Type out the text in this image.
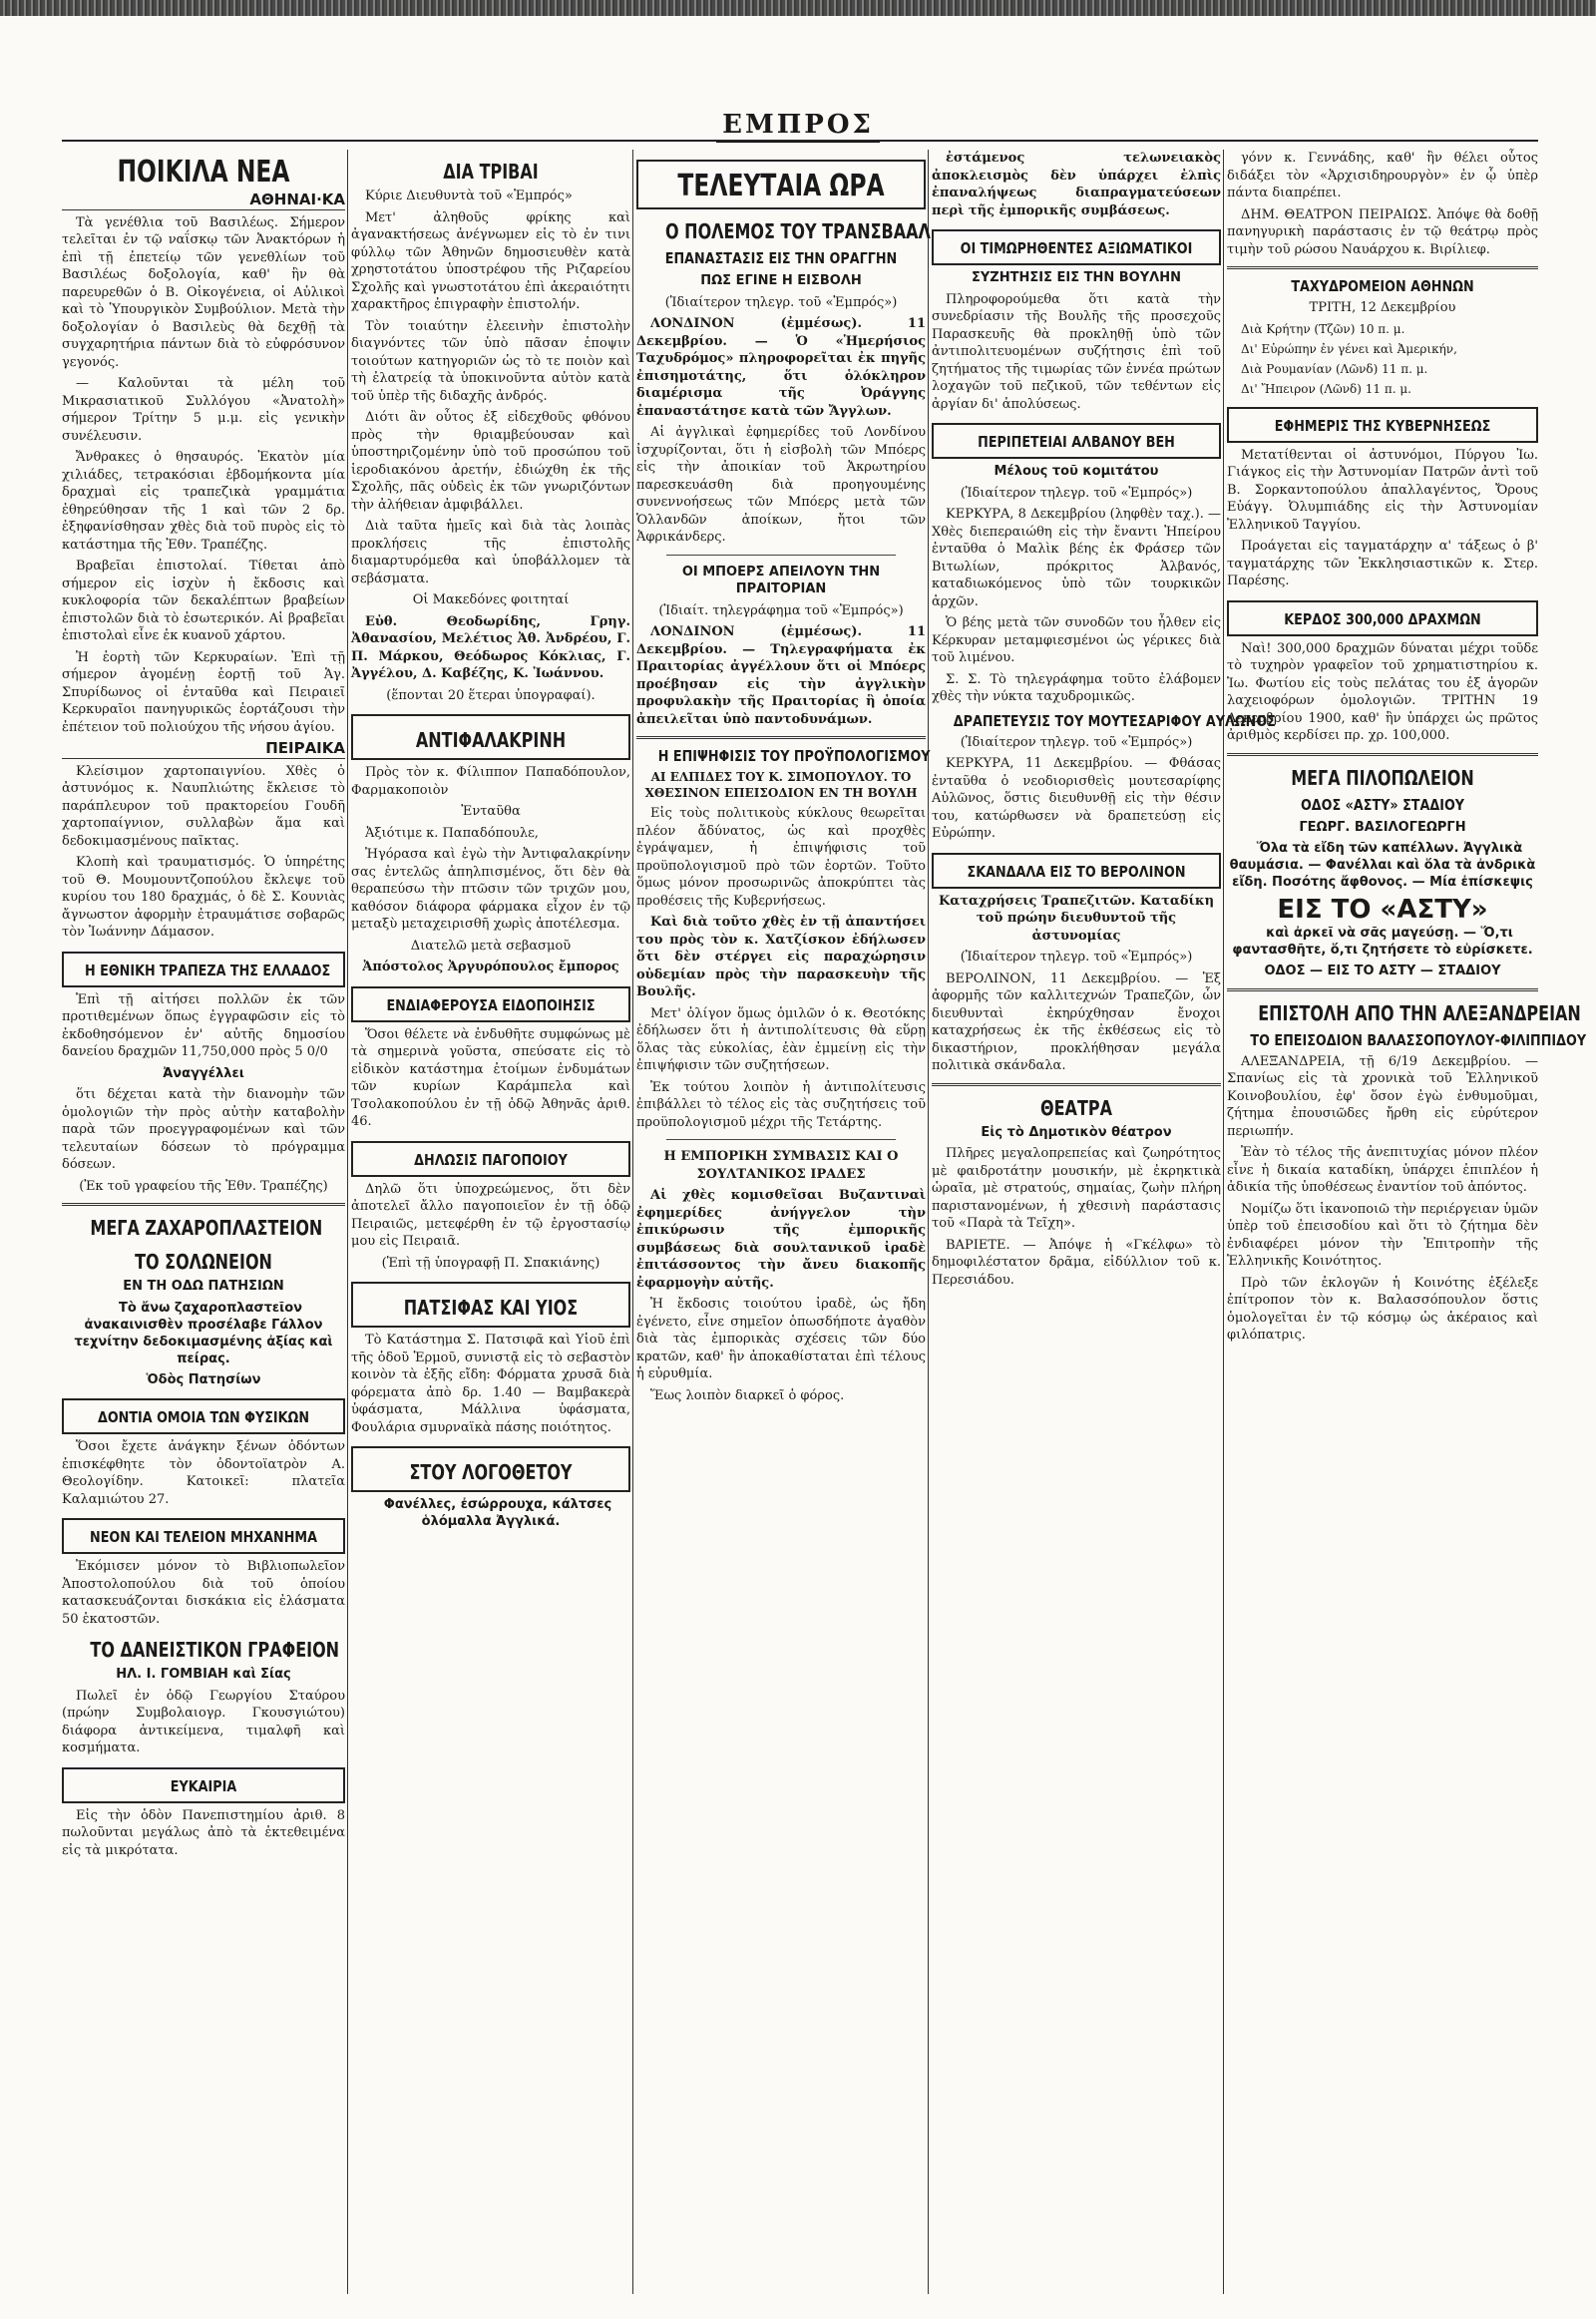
ΕΜΠΡΟΣ
ΠΟΙΚΙΛΑ ΝΕΑ
ΑΘΗΝΑΙ·ΚΑ

Τὰ γενέθλια τοῦ Βασιλέως. Σήμερον τελεῖται ἐν τῷ ναΐσκῳ τῶν Ἀνακτόρων ἡ ἐπὶ τῇ ἐπετείῳ τῶν γενεθλίων τοῦ Βασιλέως δοξολογία, καθ' ἣν θὰ παρευρεθῶν ὁ Β. Οἰκογένεια, οἱ Αὐλικοὶ καὶ τὸ Ὑπουργικὸν Συμβούλιον. Μετὰ τὴν δοξολογίαν ὁ Βασιλεὺς θὰ δεχθῇ τὰ συγχαρητήρια πάντων διὰ τὸ εὐφρόσυνον γεγονός.

— Καλοῦνται τὰ μέλη τοῦ Μικρασιατικοῦ Συλλόγου «Ἀνατολὴ» σήμερον Τρίτην 5 μ.μ. εἰς γενικὴν συνέλευσιν.

Ἄνθρακες ὁ θησαυρός. Ἐκατὸν μία χιλιάδες, τετρακόσιαι ἑβδομήκοντα μία δραχμαὶ εἰς τραπεζικὰ γραμμάτια ἐθηρεύθησαν τῆς 1 καὶ τῶν 2 δρ. ἐξηφανίσθησαν χθὲς διὰ τοῦ πυρὸς εἰς τὸ κατάστημα τῆς Ἐθν. Τραπέζης.

Βραβεῖαι ἐπιστολαί. Τίθεται ἀπὸ σήμερον εἰς ἰσχὺν ἡ ἔκδοσις καὶ κυκλοφορία τῶν δεκαλέπτων βραβείων ἐπιστολῶν διὰ τὸ ἐσωτερικόν. Αἱ βραβεῖαι ἐπιστολαὶ εἶνε ἐκ κυανοῦ χάρτου.

Ἡ ἑορτὴ τῶν Κερκυραίων. Ἐπὶ τῇ σήμερον ἀγομένῃ ἑορτῇ τοῦ Ἁγ. Σπυρίδωνος οἱ ἐνταῦθα καὶ Πειραιεῖ Κερκυραῖοι πανηγυρικῶς ἑορτάζουσι τὴν ἐπέτειον τοῦ πολιούχου τῆς νήσου ἁγίου.

ΠΕΙΡΑΙΚΑ

Κλείσιμον χαρτοπαιγνίου. Χθὲς ὁ ἀστυνόμος κ. Ναυπλιώτης ἔκλεισε τὸ παράπλευρον τοῦ πρακτορείου Γουδῆ χαρτοπαίγνιον, συλλαβὼν ἅμα καὶ δεδοκιμασμένους παῖκτας.

Κλοπὴ καὶ τραυματισμός. Ὁ ὑπηρέτης τοῦ Θ. Μουμουντζοπούλου ἔκλεψε τοῦ κυρίου του 180 δραχμάς, ὁ δὲ Σ. Κουνιὰς ἄγνωστον ἀφορμὴν ἐτραυμάτισε σοβαρῶς τὸν Ἰωάννην Δάμασον.

Η ΕΘΝΙΚΗ ΤΡΑΠΕΖΑ ΤΗΣ ΕΛΛΑΔΟΣ

Ἐπὶ τῇ αἰτήσει πολλῶν ἐκ τῶν προτιθεμένων ὅπως ἐγγραφῶσιν εἰς τὸ ἐκδοθησόμενον ἐν' αὐτῆς δημοσίου δανείου δραχμῶν 11,750,000 πρὸς 5 0/0

Ἀναγγέλλει

ὅτι δέχεται κατὰ τὴν διανομὴν τῶν ὁμολογιῶν τὴν πρὸς αὐτὴν καταβολὴν παρὰ τῶν προεγγραφομένων καὶ τῶν τελευταίων δόσεων τὸ πρόγραμμα δόσεων.

(Ἐκ τοῦ γραφείου τῆς Ἐθν. Τραπέζης)

ΜΕΓΑ ΖΑΧΑΡΟΠΛΑΣΤΕΙΟΝ
ΤΟ ΣΟΛΩΝΕΙΟΝ
ΕΝ ΤΗ ΟΔΩ ΠΑΤΗΣΙΩΝ

Τὸ ἄνω ζαχαροπλαστεῖον ἀνακαινισθὲν προσέλαβε Γάλλον τεχνίτην δεδοκιμασμένης ἀξίας καὶ πείρας.

Ὁδὸς Πατησίων
ΔΟΝΤΙΑ ΟΜΟΙΑ ΤΩΝ ΦΥΣΙΚΩΝ

Ὅσοι ἔχετε ἀνάγκην ξένων ὀδόντων ἐπισκέφθητε τὸν ὀδοντοϊατρὸν Α. Θεολογίδην. Κατοικεῖ: πλατεῖα Καλαμιώτου 27.

ΝΕΟΝ ΚΑΙ ΤΕΛΕΙΟΝ ΜΗΧΑΝΗΜΑ

Ἐκόμισεν μόνον τὸ Βιβλιοπωλεῖον Ἀποστολοπούλου διὰ τοῦ ὁποίου κατασκευάζονται δισκάκια εἰς ἐλάσματα 50 ἑκατοστῶν.

ΤΟ ΔΑΝΕΙΣΤΙΚΟΝ ΓΡΑΦΕΙΟΝ
ΗΛ. Ι. ΓΟΜΒΙΑΗ καὶ Σίας

Πωλεῖ ἐν ὁδῷ Γεωργίου Σταύρου (πρώην Συμβολαιογρ. Γκουσγιώτου) διάφορα ἀντικείμενα, τιμαλφῆ καὶ κοσμήματα.

ΕΥΚΑΙΡΙΑ

Εἰς τὴν ὁδὸν Πανεπιστημίου ἀριθ. 8 πωλοῦνται μεγάλως ἀπὸ τὰ ἐκτεθειμένα εἰς τὰ μικρότατα.

ΔΙΑ ΤΡΙΒΑΙ

Κύριε Διευθυντὰ τοῦ «Ἐμπρός»

Μετ' ἀληθοῦς φρίκης καὶ ἀγανακτήσεως ἀνέγνωμεν εἰς τὸ ἐν τινι φύλλῳ τῶν Ἀθηνῶν δημοσιευθὲν κατὰ χρηστοτάτου ὑποστρέφου τῆς Ριζαρείου Σχολῆς καὶ γνωστοτάτου ἐπὶ ἀκεραιότητι χαρακτῆρος ἐπιγραφὴν ἐπιστολήν.

Τὸν τοιαύτην ἐλεεινὴν ἐπιστολὴν διαγνόντες τῶν ὑπὸ πᾶσαν ἐποψιν τοιούτων κατηγοριῶν ὡς τὸ τε ποιὸν καὶ τὴ ἐλατρείᾳ τὰ ὑποκινοῦντα αὐτὸν κατὰ τοῦ ὑπὲρ τῆς διδαχῆς ἀνδρός.

Διότι ἂν οὗτος ἐξ εἰδεχθοῦς φθόνου πρὸς τὴν θριαμβεύουσαν καὶ ὑποστηριζομένην ὑπὸ τοῦ προσώπου τοῦ ἱεροδιακόνου ἀρετήν, ἐδιώχθη ἐκ τῆς Σχολῆς, πᾶς οὐδεὶς ἐκ τῶν γνωριζόντων τὴν ἀλήθειαν ἀμφιβάλλει.

Διὰ ταῦτα ἡμεῖς καὶ διὰ τὰς λοιπὰς προκλήσεις τῆς ἐπιστολῆς διαμαρτυρόμεθα καὶ ὑποβάλλομεν τὰ σεβάσματα.

Οἱ Μακεδόνες φοιτηταί

Εὐθ. Θεοδωρίδης, Γρηγ. Ἀθανασίου, Μελέτιος Ἀθ. Ἀνδρέου, Γ. Π. Μάρκου, Θεόδωρος Κόκλιας, Γ. Ἀγγέλου, Δ. Καβέζης, Κ. Ἰωάννου.

(ἕπονται 20 ἕτεραι ὑπογραφαί).

ΑΝΤΙΦΑΛΑΚΡΙΝΗ

Πρὸς τὸν κ. Φίλιππον Παπαδόπουλον, Φαρμακοποιὸν

Ἐνταῦθα

Ἀξιότιμε κ. Παπαδόπουλε,

Ἠγόρασα καὶ ἐγὼ τὴν Ἀντιφαλακρίνην σας ἐντελῶς ἀπηλπισμένος, ὅτι δὲν θὰ θεραπεύσω τὴν πτῶσιν τῶν τριχῶν μου, καθόσον διάφορα φάρμακα εἶχον ἐν τῷ μεταξὺ μεταχειρισθῆ χωρὶς ἀποτέλεσμα.

Διατελῶ μετὰ σεβασμοῦ

Ἀπόστολος Ἀργυρόπουλος ἔμπορος

ΕΝΔΙΑΦΕΡΟΥΣΑ ΕΙΔΟΠΟΙΗΣΙΣ

Ὅσοι θέλετε νὰ ἐνδυθῆτε συμφώνως μὲ τὰ σημερινὰ γοῦστα, σπεύσατε εἰς τὸ εἰδικὸν κατάστημα ἐτοίμων ἐνδυμάτων τῶν κυρίων Καράμπελα καὶ Τσολακοπούλου ἐν τῇ ὁδῷ Ἀθηνᾶς ἀριθ. 46.

ΔΗΛΩΣΙΣ ΠΑΓΟΠΟΙΟΥ

Δηλῶ ὅτι ὑποχρεώμενος, ὅτι δὲν ἀποτελεῖ ἄλλο παγοποιεῖον ἐν τῇ ὁδῷ Πειραιῶς, μετεφέρθη ἐν τῷ ἐργοστασίῳ μου εἰς Πειραιᾶ.

(Ἐπὶ τῇ ὑπογραφῇ Π. Σπακιάνης)

ΠΑΤΣΙΦΑΣ ΚΑΙ ΥΙΟΣ

Τὸ Κατάστημα Σ. Πατσιφᾶ καὶ Υἱοῦ ἐπὶ τῆς ὁδοῦ Ἑρμοῦ, συνιστᾷ εἰς τὸ σεβαστὸν κοινὸν τὰ ἐξῆς εἴδη: Φόρματα χρυσᾶ διὰ φόρεματα ἀπὸ δρ. 1.40 — Βαμβακερὰ ὑφάσματα, Μάλλινα ὑφάσματα, Φουλάρια σμυρναϊκὰ πάσης ποιότητος.

ΣΤΟΥ ΛΟΓΟΘΕΤΟΥ

Φανέλλες, ἐσώρρουχα, κάλτσες ὁλόμαλλα Ἀγγλικά.

ΤΕΛΕΥΤΑΙΑ ΩΡΑ
Ο ΠΟΛΕΜΟΣ ΤΟΥ ΤΡΑΝΣΒΑΑΛ
ΕΠΑΝΑΣΤΑΣΙΣ ΕΙΣ ΤΗΝ ΟΡΑΓΓΗΝ
ΠΩΣ ΕΓΙΝΕ Η ΕΙΣΒΟΛΗ

(Ἰδιαίτερον τηλεγρ. τοῦ «Ἐμπρός»)

ΛΟΝΔΙΝΟΝ (ἐμμέσως). 11 Δεκεμβρίου. — Ὁ «Ἡμερήσιος Ταχυδρόμος» πληροφορεῖται ἐκ πηγῆς ἐπισημοτάτης, ὅτι ὁλόκληρον διαμέρισμα τῆς Ὀράγγης ἐπαναστάτησε κατὰ τῶν Ἄγγλων.

Αἱ ἀγγλικαὶ ἐφημερίδες τοῦ Λονδίνου ἰσχυρίζονται, ὅτι ἡ εἰσβολὴ τῶν Μπόερς εἰς τὴν ἀποικίαν τοῦ Ἀκρωτηρίου παρεσκευάσθη διὰ προηγουμένης συνεννοήσεως τῶν Μπόερς μετὰ τῶν Ὁλλανδῶν ἀποίκων, ἤτοι τῶν Ἀφρικάνδερς.

ΟΙ ΜΠΟΕΡΣ ΑΠΕΙΛΟΥΝ ΤΗΝ ΠΡΑΙΤΟΡΙΑΝ

(Ἰδιαίτ. τηλεγράφημα τοῦ «Ἐμπρός»)

ΛΟΝΔΙΝΟΝ (ἐμμέσως). 11 Δεκεμβρίου. — Τηλεγραφήματα ἐκ Πραιτορίας ἀγγέλλουν ὅτι οἱ Μπόερς προέβησαν εἰς τὴν ἀγγλικὴν προφυλακὴν τῆς Πραιτορίας ἣ ὁποία ἀπειλεῖται ὑπὸ παντοδυνάμων.

Η ΕΠΙΨΗΦΙΣΙΣ ΤΟΥ ΠΡΟΫΠΟΛΟΓΙΣΜΟΥ

ΑΙ ΕΛΠΙΔΕΣ ΤΟΥ Κ. ΣΙΜΟΠΟΥΛΟΥ. ΤΟ ΧΘΕΣΙΝΟΝ ΕΠΕΙΣΟΔΙΟΝ ΕΝ ΤΗ ΒΟΥΛΗ

Εἰς τοὺς πολιτικοὺς κύκλους θεωρεῖται πλέον ἄδύνατος, ὡς καὶ προχθὲς ἐγράψαμεν, ἡ ἐπιψήφισις τοῦ προϋπολογισμοῦ πρὸ τῶν ἑορτῶν. Τοῦτο ὅμως μόνον προσωρινῶς ἀποκρύπτει τὰς προθέσεις τῆς Κυβερνήσεως.

Καὶ διὰ τοῦτο χθὲς ἐν τῇ ἀπαντήσει του πρὸς τὸν κ. Χατζίσκον ἐδήλωσεν ὅτι δὲν στέργει εἰς παραχώρησιν οὐδεμίαν πρὸς τὴν παρασκευὴν τῆς Βουλῆς.

Μετ' ὀλίγον ὅμως ὁμιλῶν ὁ κ. Θεοτόκης ἐδήλωσεν ὅτι ἡ ἀντιπολίτευσις θὰ εὕρῃ ὅλας τὰς εὐκολίας, ἐὰν ἐμμείνῃ εἰς τὴν ἐπιψήφισιν τῶν συζητήσεων.

Ἐκ τούτου λοιπὸν ἡ ἀντιπολίτευσις ἐπιβάλλει τὸ τέλος εἰς τὰς συζητήσεις τοῦ προϋπολογισμοῦ μέχρι τῆς Τετάρτης.

Η ΕΜΠΟΡΙΚΗ ΣΥΜΒΑΣΙΣ ΚΑΙ Ο ΣΟΥΛΤΑΝΙΚΟΣ ΙΡΑΔΕΣ

Αἱ χθὲς κομισθεῖσαι Βυζαντιναὶ ἐφημερίδες ἀνήγγελον τὴν ἐπικύρωσιν τῆς ἐμπορικῆς συμβάσεως διὰ σουλτανικοῦ ἰραδὲ ἐπιτάσσοντος τὴν ἄνευ διακοπῆς ἐφαρμογὴν αὐτῆς.

Ἡ ἔκδοσις τοιούτου ἰραδὲ, ὡς ἤδη ἐγένετο, εἶνε σημεῖον ὁπωσδήποτε ἀγαθὸν διὰ τὰς ἐμπορικὰς σχέσεις τῶν δύο κρατῶν, καθ' ἣν ἀποκαθίσταται ἐπὶ τέλους ἡ εὐρυθμία.

Ἕως λοιπὸν διαρκεῖ ὁ φόρος.

ἐστάμενος τελωνειακὸς ἀποκλεισμὸς δὲν ὑπάρχει ἐλπὶς ἐπαναλήψεως διαπραγματεύσεων περὶ τῆς ἐμπορικῆς συμβάσεως.

ΟΙ ΤΙΜΩΡΗΘΕΝΤΕΣ ΑΞΙΩΜΑΤΙΚΟΙ
ΣΥΖΗΤΗΣΙΣ ΕΙΣ ΤΗΝ ΒΟΥΛΗΝ

Πληροφορούμεθα ὅτι κατὰ τὴν συνεδρίασιν τῆς Βουλῆς τῆς προσεχοῦς Παρασκευῆς θὰ προκληθῇ ὑπὸ τῶν ἀντιπολιτευομένων συζήτησις ἐπὶ τοῦ ζητήματος τῆς τιμωρίας τῶν ἐννέα πρώτων λοχαγῶν τοῦ πεζικοῦ, τῶν τεθέντων εἰς ἀργίαν δι' ἀπολύσεως.

ΠΕΡΙΠΕΤΕΙΑΙ ΑΛΒΑΝΟΥ ΒΕΗ
Μέλους τοῦ κομιτάτου

(Ἰδιαίτερον τηλεγρ. τοῦ «Ἐμπρός»)

ΚΕΡΚΥΡΑ, 8 Δεκεμβρίου (ληφθὲν ταχ.). — Χθὲς διεπεραιώθη εἰς τὴν ἔναντι Ἠπείρου ἐνταῦθα ὁ Μαλὶκ βέης ἐκ Φράσερ τῶν Βιτωλίων, πρόκριτος Ἀλβανός, καταδιωκόμενος ὑπὸ τῶν τουρκικῶν ἀρχῶν.

Ὁ βέης μετὰ τῶν συνοδῶν του ἦλθεν εἰς Κέρκυραν μεταμφιεσμένοι ὡς γέρικες διὰ τοῦ λιμένου.

Σ. Σ. Τὸ τηλεγράφημα τοῦτο ἐλάβομεν χθὲς τὴν νύκτα ταχυδρομικῶς.

ΔΡΑΠΕΤΕΥΣΙΣ ΤΟΥ ΜΟΥΤΕΣΑΡΙΦΟΥ ΑΥΛΩΝΟΣ

(Ἰδιαίτερον τηλεγρ. τοῦ «Ἐμπρός»)

ΚΕΡΚΥΡΑ, 11 Δεκεμβρίου. — Φθάσας ἐνταῦθα ὁ νεοδιορισθεὶς μουτεσαρίφης Αὐλῶνος, ὅστις διευθυνθῇ εἰς τὴν θέσιν του, κατώρθωσεν νὰ δραπετεύσῃ εἰς Εὐρώπην.

ΣΚΑΝΔΑΛΑ ΕΙΣ ΤΟ ΒΕΡΟΛΙΝΟΝ

Καταχρήσεις Τραπεζιτῶν. Καταδίκη τοῦ πρώην διευθυντοῦ τῆς ἀστυνομίας

(Ἰδιαίτερον τηλεγρ. τοῦ «Ἐμπρός»)

ΒΕΡΟΛΙΝΟΝ, 11 Δεκεμβρίου. — Ἐξ ἀφορμῆς τῶν καλλιτεχνών Τραπεζῶν, ὧν διευθυνταὶ ἐκηρύχθησαν ἔνοχοι καταχρήσεως ἐκ τῆς ἐκθέσεως εἰς τὸ δικαστήριον, προκλήθησαν μεγάλα πολιτικὰ σκάνδαλα.

ΘΕΑΤΡΑ
Εἰς τὸ Δημοτικὸν θέατρον

Πλῆρες μεγαλοπρεπείας καὶ ζωηρότητος μὲ φαιδροτάτην μουσικήν, μὲ ἐκρηκτικὰ ὡραῖα, μὲ στρατούς, σημαίας, ζωὴν πλήρη παριστανομένων, ἡ χθεσινὴ παράστασις τοῦ «Παρὰ τὰ Τεῖχη».

ΒΑΡΙΕΤΕ. — Ἀπόψε ἡ «Γκέλφω» τὸ δημοφιλέστατον δρᾶμα, εἰδύλλιον τοῦ κ. Περεσιάδου.

γόνν κ. Γεννάδης, καθ' ἣν θέλει οὗτος διδάξει τὸν «Ἀρχισιδηρουργὸν» ἐν ᾧ ὑπὲρ πάντα διαπρέπει.

ΔΗΜ. ΘΕΑΤΡΟΝ ΠΕΙΡΑΙΩΣ. Ἀπόψε θὰ δοθῇ πανηγυρικὴ παράστασις ἐν τῷ θεάτρῳ πρὸς τιμὴν τοῦ ρώσου Ναυάρχου κ. Βιρίλιεφ.

ΤΑΧΥΔΡΟΜΕΙΟΝ ΑΘΗΝΩΝ

ΤΡΙΤΗ, 12 Δεκεμβρίου

Διὰ Κρήτην (Τζῶν) 10 π. μ.

Δι' Εὐρώπην ἐν γένει καὶ Ἀμερικήν,

Διὰ Ρουμανίαν (Λῶνδ) 11 π. μ.

Δι' Ἤπειρον (Λῶνδ) 11 π. μ.

ΕΦΗΜΕΡΙΣ ΤΗΣ ΚΥΒΕΡΝΗΣΕΩΣ

Μετατίθενται οἱ ἀστυνόμοι, Πύργου Ἰω. Γιάγκος εἰς τὴν Ἀστυνομίαν Πατρῶν ἀντὶ τοῦ Β. Σορκαντοπούλου ἀπαλλαγέντος, Ὄρους Εὐάγγ. Ὀλυμπιάδης εἰς τὴν Ἀστυνομίαν Ἐλληνικοῦ Ταγγίου.

Προάγεται εἰς ταγματάρχην α' τάξεως ὁ β' ταγματάρχης τῶν Ἐκκλησιαστικῶν κ. Στερ. Παρέσης.

ΚΕΡΔΟΣ 300,000 ΔΡΑΧΜΩΝ

Ναὶ! 300,000 δραχμῶν δύναται μέχρι τοῦδε τὸ τυχηρὸν γραφεῖον τοῦ χρηματιστηρίου κ. Ἰω. Φωτίου εἰς τοὺς πελάτας του ἐξ ἀγορῶν λαχειοφόρων ὁμολογιῶν. ΤΡΙΤΗΝ 19 Δεκεμβρίου 1900, καθ' ἣν ὑπάρχει ὡς πρῶτος ἀριθμὸς κερδίσει πρ. χρ. 100,000.

ΜΕΓΑ ΠΙΛΟΠΩΛΕΙΟΝ
ΟΔΟΣ «ΑΣΤΥ» ΣΤΑΔΙΟΥ
ΓΕΩΡΓ. ΒΑΣΙΛΟΓΕΩΡΓΗ

Ὅλα τὰ εἴδη τῶν καπέλλων. Ἀγγλικὰ θαυμάσια. — Φανέλλαι καὶ ὅλα τὰ ἀνδρικὰ εἴδη. Ποσότης ἄφθονος. — Μία ἐπίσκεψις

ΕΙΣ ΤΟ «ΑΣΤΥ»

καὶ ἀρκεῖ νὰ σᾶς μαγεύσῃ. — Ὅ,τι φαντασθῆτε, ὅ,τι ζητήσετε τὸ εὑρίσκετε.

ΟΔΟΣ — ΕΙΣ ΤΟ ΑΣΤΥ — ΣΤΑΔΙΟΥ
ΕΠΙΣΤΟΛΗ ΑΠΟ ΤΗΝ ΑΛΕΞΑΝΔΡΕΙΑΝ
ΤΟ ΕΠΕΙΣΟΔΙΟΝ ΒΑΛΑΣΣΟΠΟΥΛΟΥ-ΦΙΛΙΠΠΙΔΟΥ

ΑΛΕΞΑΝΔΡΕΙΑ, τῇ 6/19 Δεκεμβρίου. — Σπανίως εἰς τὰ χρονικὰ τοῦ Ἑλληνικοῦ Κοινοβουλίου, ἐφ' ὅσον ἐγὼ ἐνθυμοῦμαι, ζήτημα ἐπουσιῶδες ἤρθη εἰς εὐρύτερον περιωπήν.

Ἐὰν τὸ τέλος τῆς ἀνεπιτυχίας μόνον πλέον εἶνε ἡ δικαία καταδίκη, ὑπάρχει ἐπιπλέον ἡ ἀδικία τῆς ὑποθέσεως ἐναντίον τοῦ ἀπόντος.

Νομίζω ὅτι ἱκανοποιῶ τὴν περιέργειαν ὑμῶν ὑπὲρ τοῦ ἐπεισοδίου καὶ ὅτι τὸ ζήτημα δὲν ἐνδιαφέρει μόνον τὴν Ἐπιτροπὴν τῆς Ἑλληνικῆς Κοινότητος.

Πρὸ τῶν ἐκλογῶν ἡ Κοινότης ἐξέλεξε ἐπίτροπον τὸν κ. Βαλασσόπουλον ὅστις ὁμολογεῖται ἐν τῷ κόσμῳ ὡς ἀκέραιος καὶ φιλόπατρις.
